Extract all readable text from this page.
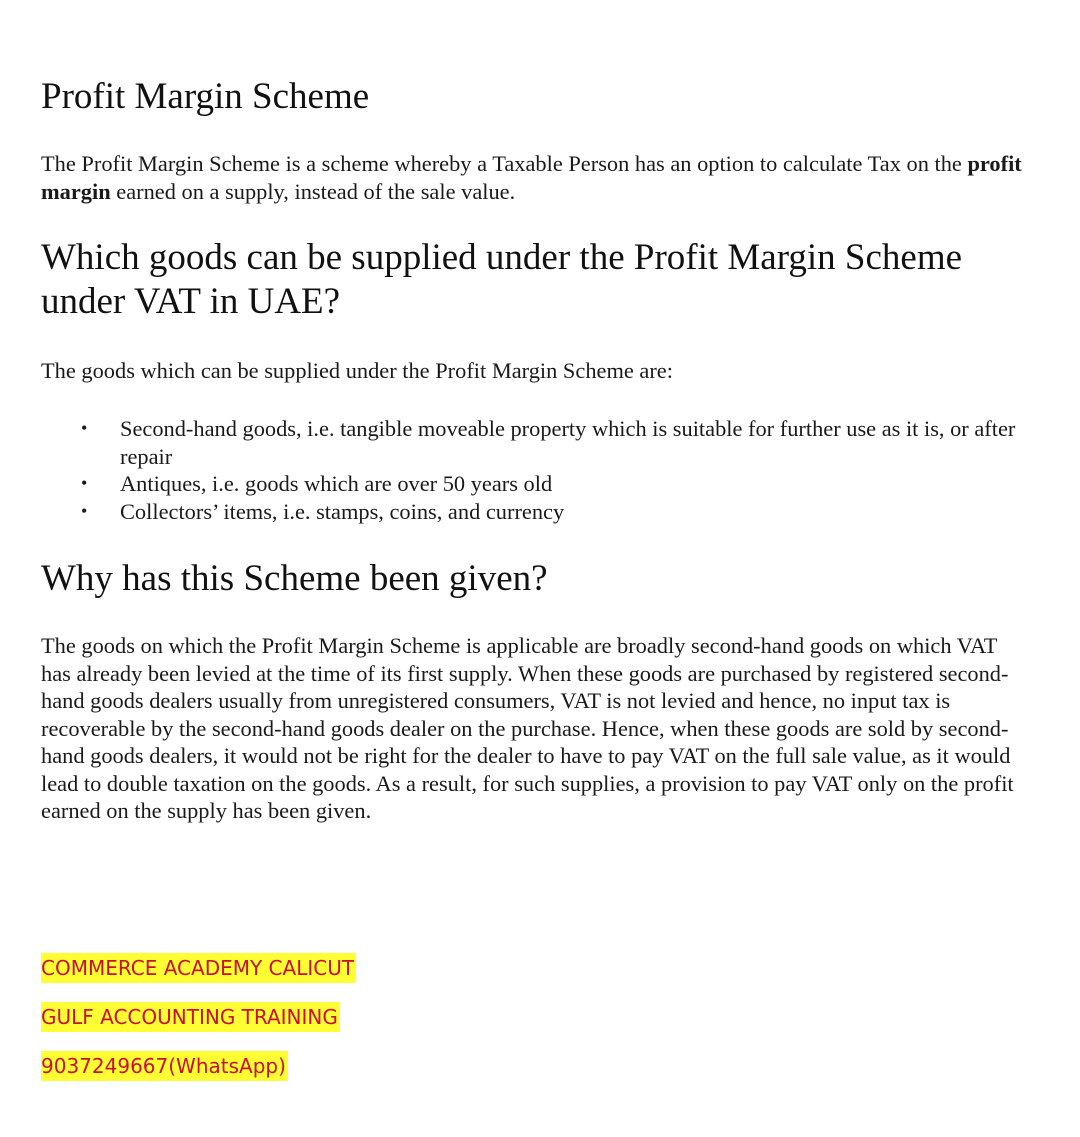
Profit Margin Scheme

The Profit Margin Scheme is a scheme whereby a Taxable Person has an option to calculate Tax on the profit margin earned on a supply, instead of the sale value.

Which goods can be supplied under the Profit Margin Scheme under VAT in UAE?

The goods which can be supplied under the Profit Margin Scheme are:

• Second-hand goods, i.e. tangible moveable property which is suitable for further use as it is, or after repair
• Antiques, i.e. goods which are over 50 years old
• Collectors’ items, i.e. stamps, coins, and currency
Why has this Scheme been given?

The goods on which the Profit Margin Scheme is applicable are broadly second-hand goods on which VAT has already been levied at the time of its first supply. When these goods are purchased by registered second-hand goods dealers usually from unregistered consumers, VAT is not levied and hence, no input tax is recoverable by the second-hand goods dealer on the purchase. Hence, when these goods are sold by second-hand goods dealers, it would not be right for the dealer to have to pay VAT on the full sale value, as it would lead to double taxation on the goods. As a result, for such supplies, a provision to pay VAT only on the profit earned on the supply has been given.

COMMERCE ACADEMY CALICUT
GULF ACCOUNTING TRAINING
9037249667(WhatsApp)
